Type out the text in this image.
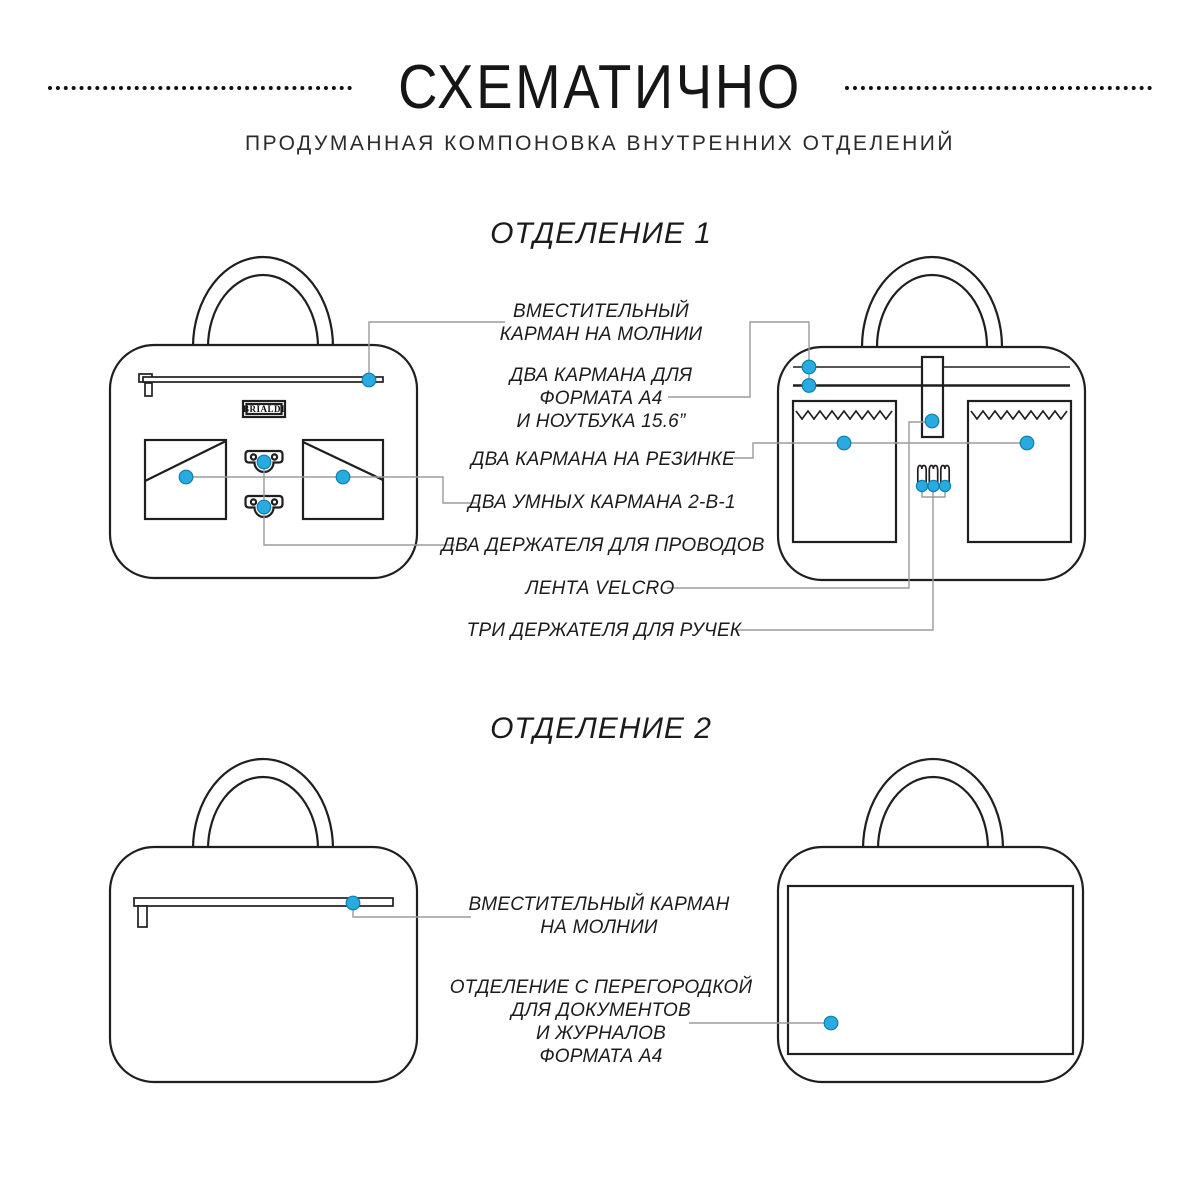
BRIALDI
СХЕМАТИЧНО
ПРОДУМАННАЯ КОМПОНОВКА ВНУТРЕННИХ ОТДЕЛЕНИЙ
ОТДЕЛЕНИЕ 1
ВМЕСТИТЕЛЬНЫЙ
КАРМАН НА МОЛНИИ
ДВА КАРМАНА ДЛЯ
ФОРМАТА А4
И НОУТБУКА 15.6”
ДВА КАРМАНА НА РЕЗИНКЕ
ДВА УМНЫХ КАРМАНА 2-В-1
ДВА ДЕРЖАТЕЛЯ ДЛЯ ПРОВОДОВ
ЛЕНТА VELCRO
ТРИ ДЕРЖАТЕЛЯ ДЛЯ РУЧЕК
ОТДЕЛЕНИЕ 2
ВМЕСТИТЕЛЬНЫЙ КАРМАН
НА МОЛНИИ
ОТДЕЛЕНИЕ С ПЕРЕГОРОДКОЙ
ДЛЯ ДОКУМЕНТОВ
И ЖУРНАЛОВ
ФОРМАТА А4
